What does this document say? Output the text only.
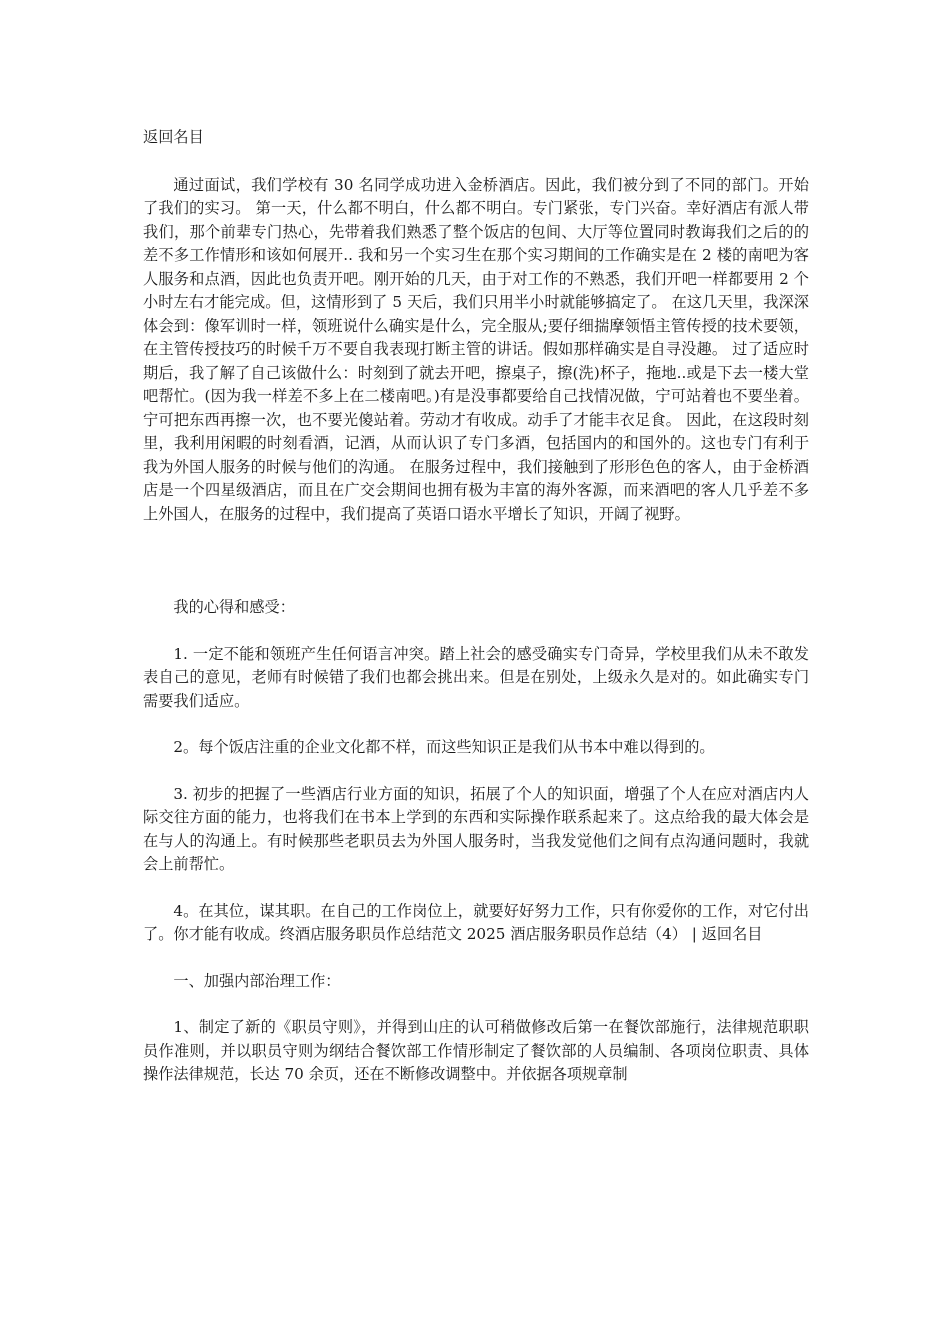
返回名目

通过面试，我们学校有 30 名同学成功进入金桥酒店。因此，我们被分到了不同的部门。开始了我们的实习。 第一天，什么都不明白，什么都不明白。专门紧张，专门兴奋。幸好酒店有派人带我们，那个前辈专门热心，先带着我们熟悉了整个饭店的包间、大厅等位置同时教诲我们之后的的差不多工作情形和该如何展开.. 我和另一个实习生在那个实习期间的工作确实是在 2 楼的南吧为客人服务和点酒，因此也负责开吧。刚开始的几天，由于对工作的不熟悉，我们开吧一样都要用 2 个小时左右才能完成。但，这情形到了 5 天后，我们只用半小时就能够搞定了。 在这几天里，我深深体会到：像军训时一样，领班说什么确实是什么，完全服从;要仔细揣摩领悟主管传授的技术要领，在主管传授技巧的时候千万不要自我表现打断主管的讲话。假如那样确实是自寻没趣。 过了适应时期后，我了解了自己该做什么：时刻到了就去开吧，擦桌子，擦(洗)杯子，拖地..或是下去一楼大堂吧帮忙。(因为我一样差不多上在二楼南吧。)有是没事都要给自己找情况做，宁可站着也不要坐着。宁可把东西再擦一次，也不要光傻站着。劳动才有收成。动手了才能丰衣足食。 因此，在这段时刻里，我利用闲暇的时刻看酒，记酒，从而认识了专门多酒，包括国内的和国外的。这也专门有利于我为外国人服务的时候与他们的沟通。 在服务过程中，我们接触到了形形色色的客人，由于金桥酒店是一个四星级酒店，而且在广交会期间也拥有极为丰富的海外客源，而来酒吧的客人几乎差不多上外国人，在服务的过程中，我们提高了英语口语水平增长了知识，开阔了视野。

我的心得和感受：

1. 一定不能和领班产生任何语言冲突。踏上社会的感受确实专门奇异，学校里我们从未不敢发表自己的意见，老师有时候错了我们也都会挑出来。但是在别处，上级永久是对的。如此确实专门需要我们适应。

2。每个饭店注重的企业文化都不样，而这些知识正是我们从书本中难以得到的。

3. 初步的把握了一些酒店行业方面的知识，拓展了个人的知识面，增强了个人在应对酒店内人际交往方面的能力，也将我们在书本上学到的东西和实际操作联系起来了。这点给我的最大体会是在与人的沟通上。有时候那些老职员去为外国人服务时，当我发觉他们之间有点沟通问题时，我就会上前帮忙。

4。在其位，谋其职。在自己的工作岗位上，就要好好努力工作，只有你爱你的工作，对它付出了。你才能有收成。终酒店服务职员作总结范文 2025 酒店服务职员作总结（4） | 返回名目

一、加强内部治理工作：

1、制定了新的《职员守则》，并得到山庄的认可稍做修改后第一在餐饮部施行，法律规范职职员作准则，并以职员守则为纲结合餐饮部工作情形制定了餐饮部的人员编制、各项岗位职责、具体操作法律规范，长达 70 余页，还在不断修改调整中。并依据各项规章制
